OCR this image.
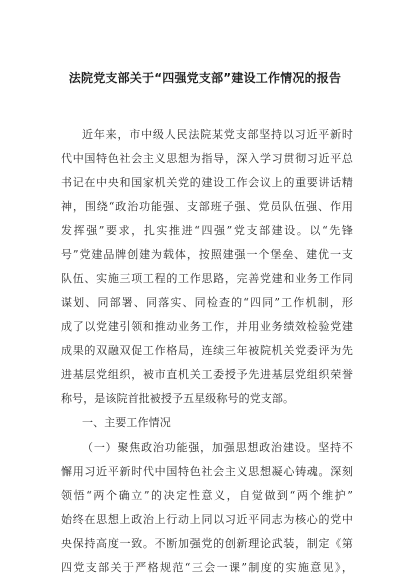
法院党支部关于“四强党支部”建设工作情况的报告
近年来，市中级人民法院某党支部坚持以习近平新时
代中国特色社会主义思想为指导，深入学习贯彻习近平总
书记在中央和国家机关党的建设工作会议上的重要讲话精
神，围绕“政治功能强、支部班子强、党员队伍强、作用
发挥强”要求，扎实推进“四强”党支部建设。以“先锋
号”党建品牌创建为载体，按照建强一个堡垒、建优一支
队伍、实施三项工程的工作思路，完善党建和业务工作同
谋划、同部署、同落实、同检查的“四同”工作机制，形
成了以党建引领和推动业务工作，并用业务绩效检验党建
成果的双融双促工作格局，连续三年被院机关党委评为先
进基层党组织，被市直机关工委授予先进基层党组织荣誉
称号，是该院首批被授予五星级称号的党支部。
一、主要工作情况
（一）聚焦政治功能强，加强思想政治建设。坚持不
懈用习近平新时代中国特色社会主义思想凝心铸魂。深刻
领悟“两个确立”的决定性意义，自觉做到“两个维护”
始终在思想上政治上行动上同以习近平同志为核心的党中
央保持高度一致。不断加强党的创新理论武装，制定《第
四党支部关于严格规范“三会一课”制度的实施意见》，
